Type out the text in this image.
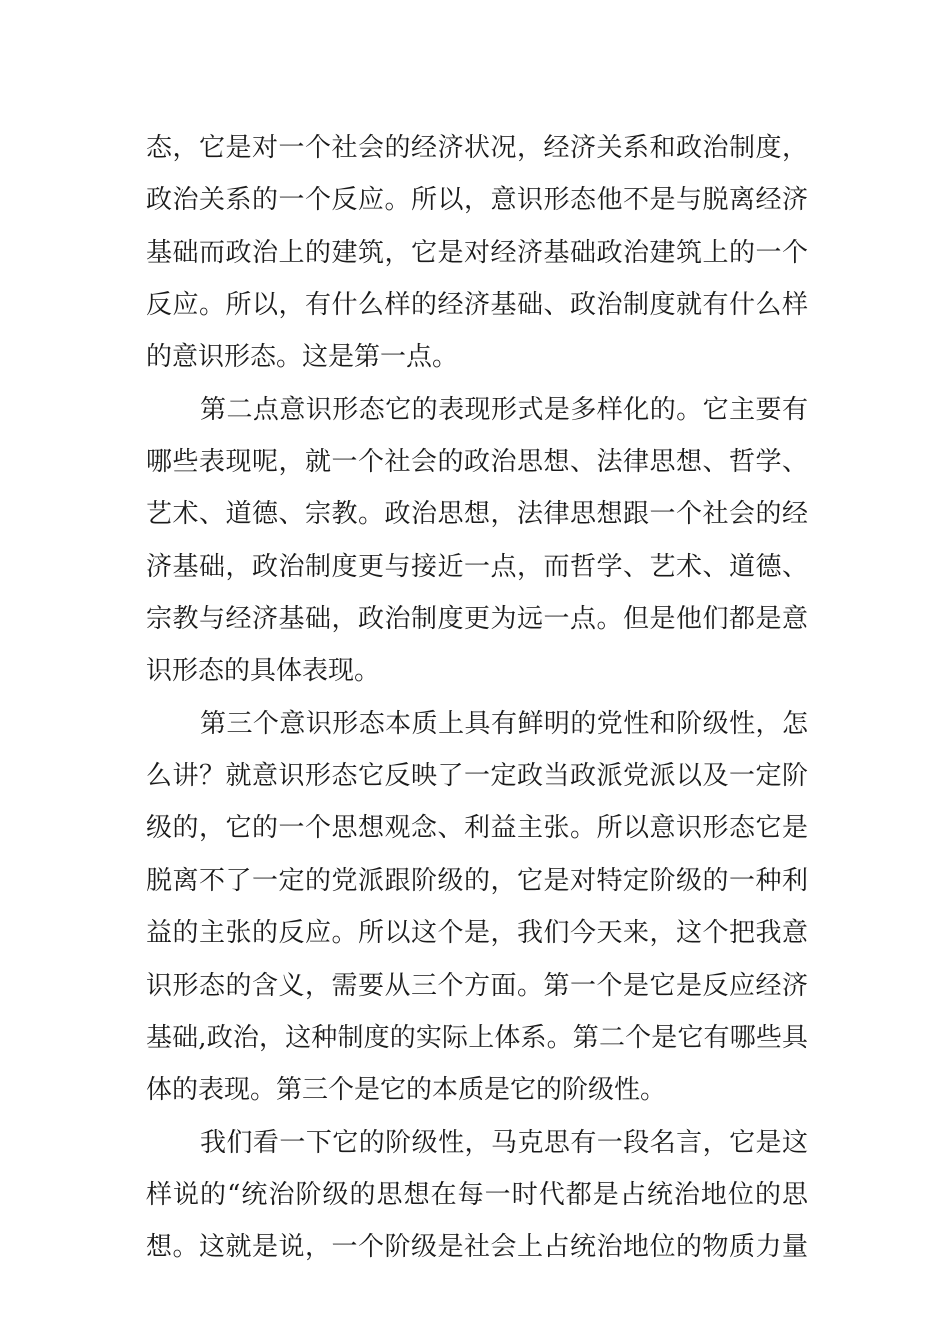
态，它是对一个社会的经济状况，经济关系和政治制度，
政治关系的一个反应。所以，意识形态他不是与脱离经济
基础而政治上的建筑，它是对经济基础政治建筑上的一个
反应。所以，有什么样的经济基础、政治制度就有什么样
的意识形态。这是第一点。
第二点意识形态它的表现形式是多样化的。它主要有
哪些表现呢，就一个社会的政治思想、法律思想、哲学、
艺术、道德、宗教。政治思想，法律思想跟一个社会的经
济基础，政治制度更与接近一点，而哲学、艺术、道德、
宗教与经济基础，政治制度更为远一点。但是他们都是意
识形态的具体表现。
第三个意识形态本质上具有鲜明的党性和阶级性，怎
么讲？就意识形态它反映了一定政当政派党派以及一定阶
级的，它的一个思想观念、利益主张。所以意识形态它是
脱离不了一定的党派跟阶级的，它是对特定阶级的一种利
益的主张的反应。所以这个是，我们今天来，这个把我意
识形态的含义，需要从三个方面。第一个是它是反应经济
基础,政治，这种制度的实际上体系。第二个是它有哪些具
体的表现。第三个是它的本质是它的阶级性。
我们看一下它的阶级性，马克思有一段名言，它是这
样说的“统治阶级的思想在每一时代都是占统治地位的思
想。这就是说，一个阶级是社会上占统治地位的物质力量
